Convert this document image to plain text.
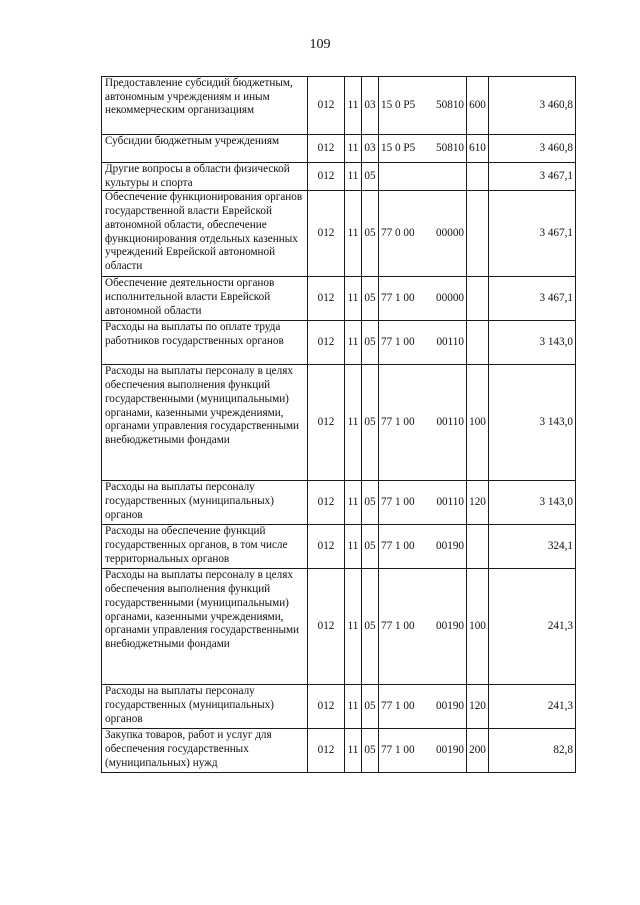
109
Предоставление субсидий бюджетным, автономным учреждениям и иным некоммерческим организациям	012	11	03	15 0 P5 50810	600	3 460,8
Субсидии бюджетным учреждениям	012	11	03	15 0 P5 50810	610	3 460,8
Другие вопросы в области физической культуры и спорта	012	11	05			3 467,1
Обеспечение функционирования органов государственной власти Еврейской автономной области, обеспечение функционирования отдельных казенных учреждений Еврейской автономной области	012	11	05	77 0 00 00000		3 467,1
Обеспечение деятельности органов исполнительной власти Еврейской автономной области	012	11	05	77 1 00 00000		3 467,1
Расходы на выплаты по оплате труда работников государственных органов	012	11	05	77 1 00 00110		3 143,0
Расходы на выплаты персоналу в целях обеспечения выполнения функций государственными (муниципальными) органами, казенными учреждениями, органами управления государственными внебюджетными фондами	012	11	05	77 1 00 00110	100	3 143,0
Расходы на выплаты персоналу государственных (муниципальных) органов	012	11	05	77 1 00 00110	120	3 143,0
Расходы на обеспечение функций государственных органов, в том числе территориальных органов	012	11	05	77 1 00 00190		324,1
Расходы на выплаты персоналу в целях обеспечения выполнения функций государственными (муниципальными) органами, казенными учреждениями, органами управления государственными внебюджетными фондами	012	11	05	77 1 00 00190	100	241,3
Расходы на выплаты персоналу государственных (муниципальных) органов	012	11	05	77 1 00 00190	120	241,3
Закупка товаров, работ и услуг для обеспечения государственных (муниципальных) нужд	012	11	05	77 1 00 00190	200	82,8
